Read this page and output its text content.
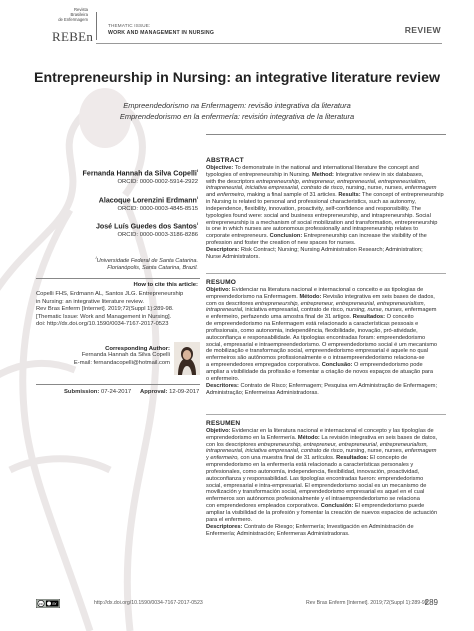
Revista
Brasileira
de Enfermagem
REBEn
THEMATIC ISSUE:
WORK AND MANAGEMENT IN NURSING	REVIEW
Entrepreneurship in Nursing: an integrative literature review
Empreendedorismo na Enfermagem: revisão integrativa da literatura
Emprendedorismo en la enfermería: revisión integrativa de la literatura
Fernanda Hannah da Silva Copelli$^I$
ORCID: 0000-0002-5914-2922
Alacoque Lorenzini Erdmann$^I$
ORCID: 0000-0003-4845-8515
José Luís Guedes dos Santos$^I$
ORCID: 0000-0003-3186-8286
$^I$Universidade Federal de Santa Catarina.
Florianópolis, Santa Catarina, Brazil.
How to cite this article:
Copelli FHS, Erdmann AL, Santos JLG. Entrepreneurship
in Nursing: an integrative literature review.
Rev Bras Enferm [Internet]. 2019;72(Suppl 1):289-98.
[Thematic Issue: Work and Management in Nursing].
doi: http://dx.doi.org/10.1590/0034-7167-2017-0523
Corresponding Author:
Fernanda Hannah da Silva Copelli
E-mail: fernandacopelli@hotmail.com
Submission: 07-24-2017 Approval: 12-09-2017
ABSTRACT
Objective: To demonstrate in the national and international literature the concept and
typologies of entrepreneurship in Nursing. Method: Integrative review in six databases,
with the descriptors entrepreneurship, entrepreneur, entrepreneurial, entrepreneurialism,
intrapreneurial, iniciativa empresarial, contrato de risco, nursing, nurse, nurses, enfermagem
and enfermeiro, making a final sample of 31 articles. Results: The concept of entrepreneurship
in Nursing is related to personal and professional characteristics, such as autonomy,
independence, flexibility, innovation, proactivity, self-confidence and responsibility. The
typologies found were: social and business entrepreneurship, and intrapreneurship. Social
entrepreneurship is a mechanism of social mobilization and transformation, entrepreneurship
is one in which nurses are autonomous professionally and intrapreneurship relates to
corporate entrepreneurs. Conclusion: Entrepreneurship can increase the visibility of the
profession and foster the creation of new spaces for nurses.
Descriptors: Risk Contract; Nursing; Nursing Administration Research; Administration;
Nurse Administrators.
RESUMO
Objetivo: Evidenciar na literatura nacional e internacional o conceito e as tipologias de
empreendedorismo na Enfermagem. Método: Revisão integrativa em seis bases de dados,
com os descritores entrepreneurship, entrepreneur, entrepreneurial, entrepreneurialism,
intrapreneurial, iniciativa empresarial, contrato de risco, nursing, nurse, nurses, enfermagem
e enfermeiro, perfazendo uma amostra final de 31 artigos. Resultados: O conceito
de empreendedorismo na Enfermagem está relacionado a características pessoais e
profissionais, como autonomia, independência, flexibilidade, inovação, pró-atividade,
autoconfiança e responsabilidade. As tipologias encontradas foram: empreendedorismo
social, empresarial e intraempreendedorismo. O empreendedorismo social é um mecanismo
de mobilização e transformação social, empreendedorismo empresarial é aquele no qual
enfermeiros são autônomos profissionalmente e o intraempreendedorismo relaciona-se
a empreendedores empregados corporativos. Conclusão: O empreendedorismo pode
ampliar a visibilidade da profissão e fomentar a criação de novos espaços de atuação para
o enfermeiro.
Descritores: Contrato de Risco; Enfermagem; Pesquisa em Administração de Enfermagem;
Administração; Enfermeiras Administradoras.
RESUMEN
Objetivo: Evidenciar en la literatura nacional e internacional el concepto y las tipologías de
emprendedorismo en la Enfermería. Método: La revisión integrativa en seis bases de datos,
con los descriptores entrepreneurship, entrepreneur, entrepreneurial, entrepreneurialism,
intrapreneurial, iniciativa empresarial, contrato de risco, nursing, nurse, nurses, enfermagem
y enfermeiro, con una muestra final de 31 artículos. Resultados: El concepto de
emprendedorismo en la enfermería está relacionado a características personales y
profesionales, como autonomía, independencia, flexibilidad, innovación, proactividad,
autoconfianza y responsabilidad. Las tipologías encontradas fueron: emprendedorismo
social, empresarial e intra-empresarial. El emprendedorismo social es un mecanismo de
movilización y transformación social, emprendedorismo empresarial es aquel en el cual
enfermeros son autónomos profesionalmente y el intraemprendedorismo se relaciona
con emprendedores empleados corporativos. Conclusión: El emprendedorismo puede
ampliar la visibilidad de la profesión y fomentar la creación de nuevos espacios de actuación
para el enfermero.
Descriptores: Contrato de Riesgo; Enfermería; Investigación en Administración de
Enfermería; Administración; Enfermeras Administradoras.
cc	BY	http://dx.doi.org/10.1590/0034-7167-2017-0523	Rev Bras Enferm [Internet]. 2019;72(Suppl 1):289-98.
289
